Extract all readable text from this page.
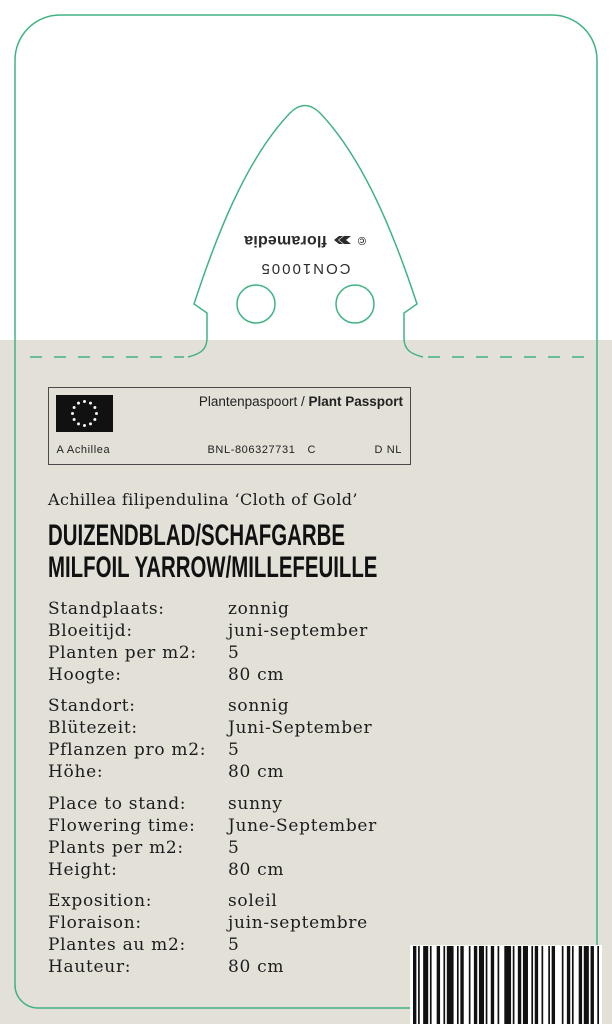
CON10005
©
floramedia
Plantenpaspoort / Plant Passport
A Achillea	BNL-806327731 C	D NL
Achillea filipendulina ‘Cloth of Gold’
DUIZENDBLAD/SCHAFGARBE
MILFOIL YARROW/MILLEFEUILLE
Standplaats:	zonnig
Bloeitijd:	juni-september
Planten per m2: 5
Hoogte:	80 cm
Standort:	sonnig
Blütezeit:	Juni-September
Pflanzen pro m2: 5
Höhe:	80 cm
Place to stand: sunny
Flowering time: June-September
Plants per m2:	5
Height:	80 cm
Exposition:	soleil
Floraison:	juin-septembre
Plantes au m2: 5
Hauteur:	80 cm
